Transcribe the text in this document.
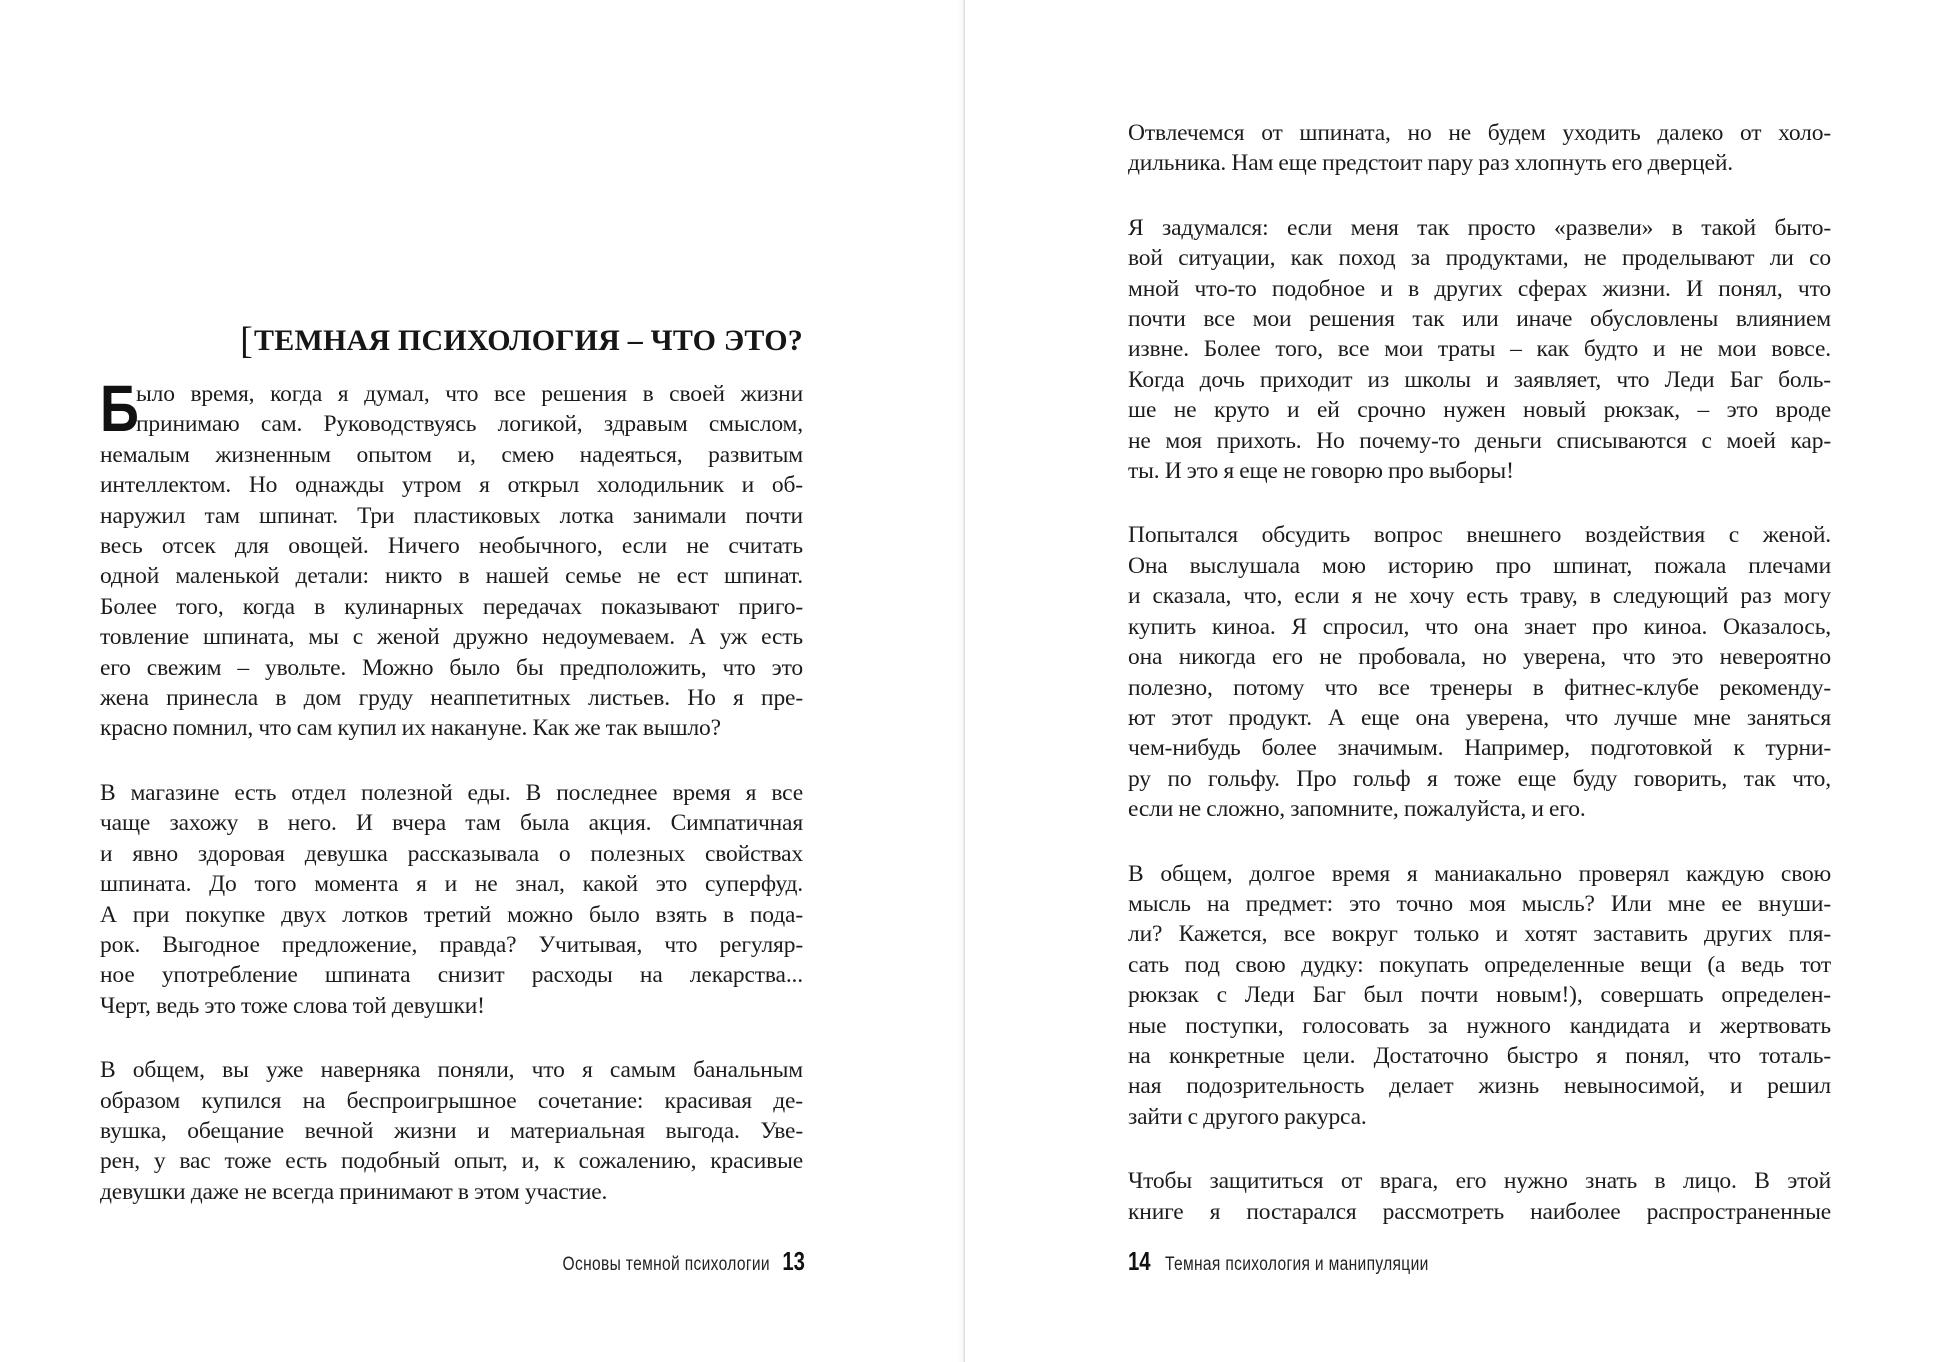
[ТЕМНАЯ ПСИХОЛОГИЯ – ЧТО ЭТО?

Б
ыло время, когда я думал, что все решения в своей жизни
принимаю сам. Руководствуясь логикой, здравым смыслом,
немалым жизненным опытом и, смею надеяться, развитым
интеллектом. Но однажды утром я открыл холодильник и об-
наружил там шпинат. Три пластиковых лотка занимали почти
весь отсек для овощей. Ничего необычного, если не считать
одной маленькой детали: никто в нашей семье не ест шпинат.
Более того, когда в кулинарных передачах показывают приго-
товление шпината, мы с женой дружно недоумеваем. А уж есть
его свежим – увольте. Можно было бы предположить, что это
жена принесла в дом груду неаппетитных листьев. Но я пре-
красно помнил, что сам купил их накануне. Как же так вышло?

В магазине есть отдел полезной еды. В последнее время я все
чаще захожу в него. И вчера там была акция. Симпатичная
и явно здоровая девушка рассказывала о полезных свойствах
шпината. До того момента я и не знал, какой это суперфуд.
А при покупке двух лотков третий можно было взять в пода-
рок. Выгодное предложение, правда? Учитывая, что регуляр-
ное употребление шпината снизит расходы на лекарства...
Черт, ведь это тоже слова той девушки!

В общем, вы уже наверняка поняли, что я самым банальным
образом купился на беспроигрышное сочетание: красивая де-
вушка, обещание вечной жизни и материальная выгода. Уве-
рен, у вас тоже есть подобный опыт, и, к сожалению, красивые
девушки даже не всегда принимают в этом участие.

Основы темной психологии 13

Отвлечемся от шпината, но не будем уходить далеко от холо-
дильника. Нам еще предстоит пару раз хлопнуть его дверцей.

Я задумался: если меня так просто «развели» в такой быто-
вой ситуации, как поход за продуктами, не проделывают ли со
мной что-то подобное и в других сферах жизни. И понял, что
почти все мои решения так или иначе обусловлены влиянием
извне. Более того, все мои траты – как будто и не мои вовсе.
Когда дочь приходит из школы и заявляет, что Леди Баг боль-
ше не круто и ей срочно нужен новый рюкзак, – это вроде
не моя прихоть. Но почему-то деньги списываются с моей кар-
ты. И это я еще не говорю про выборы!

Попытался обсудить вопрос внешнего воздействия с женой.
Она выслушала мою историю про шпинат, пожала плечами
и сказала, что, если я не хочу есть траву, в следующий раз могу
купить киноа. Я спросил, что она знает про киноа. Оказалось,
она никогда его не пробовала, но уверена, что это невероятно
полезно, потому что все тренеры в фитнес-клубе рекоменду-
ют этот продукт. А еще она уверена, что лучше мне заняться
чем-нибудь более значимым. Например, подготовкой к турни-
ру по гольфу. Про гольф я тоже еще буду говорить, так что,
если не сложно, запомните, пожалуйста, и его.

В общем, долгое время я маниакально проверял каждую свою
мысль на предмет: это точно моя мысль? Или мне ее внуши-
ли? Кажется, все вокруг только и хотят заставить других пля-
сать под свою дудку: покупать определенные вещи (а ведь тот
рюкзак с Леди Баг был почти новым!), совершать определен-
ные поступки, голосовать за нужного кандидата и жертвовать
на конкретные цели. Достаточно быстро я понял, что тоталь-
ная подозрительность делает жизнь невыносимой, и решил
зайти с другого ракурса.

Чтобы защититься от врага, его нужно знать в лицо. В этой
книге я постарался рассмотреть наиболее распространенные

14 Темная психология и манипуляции
